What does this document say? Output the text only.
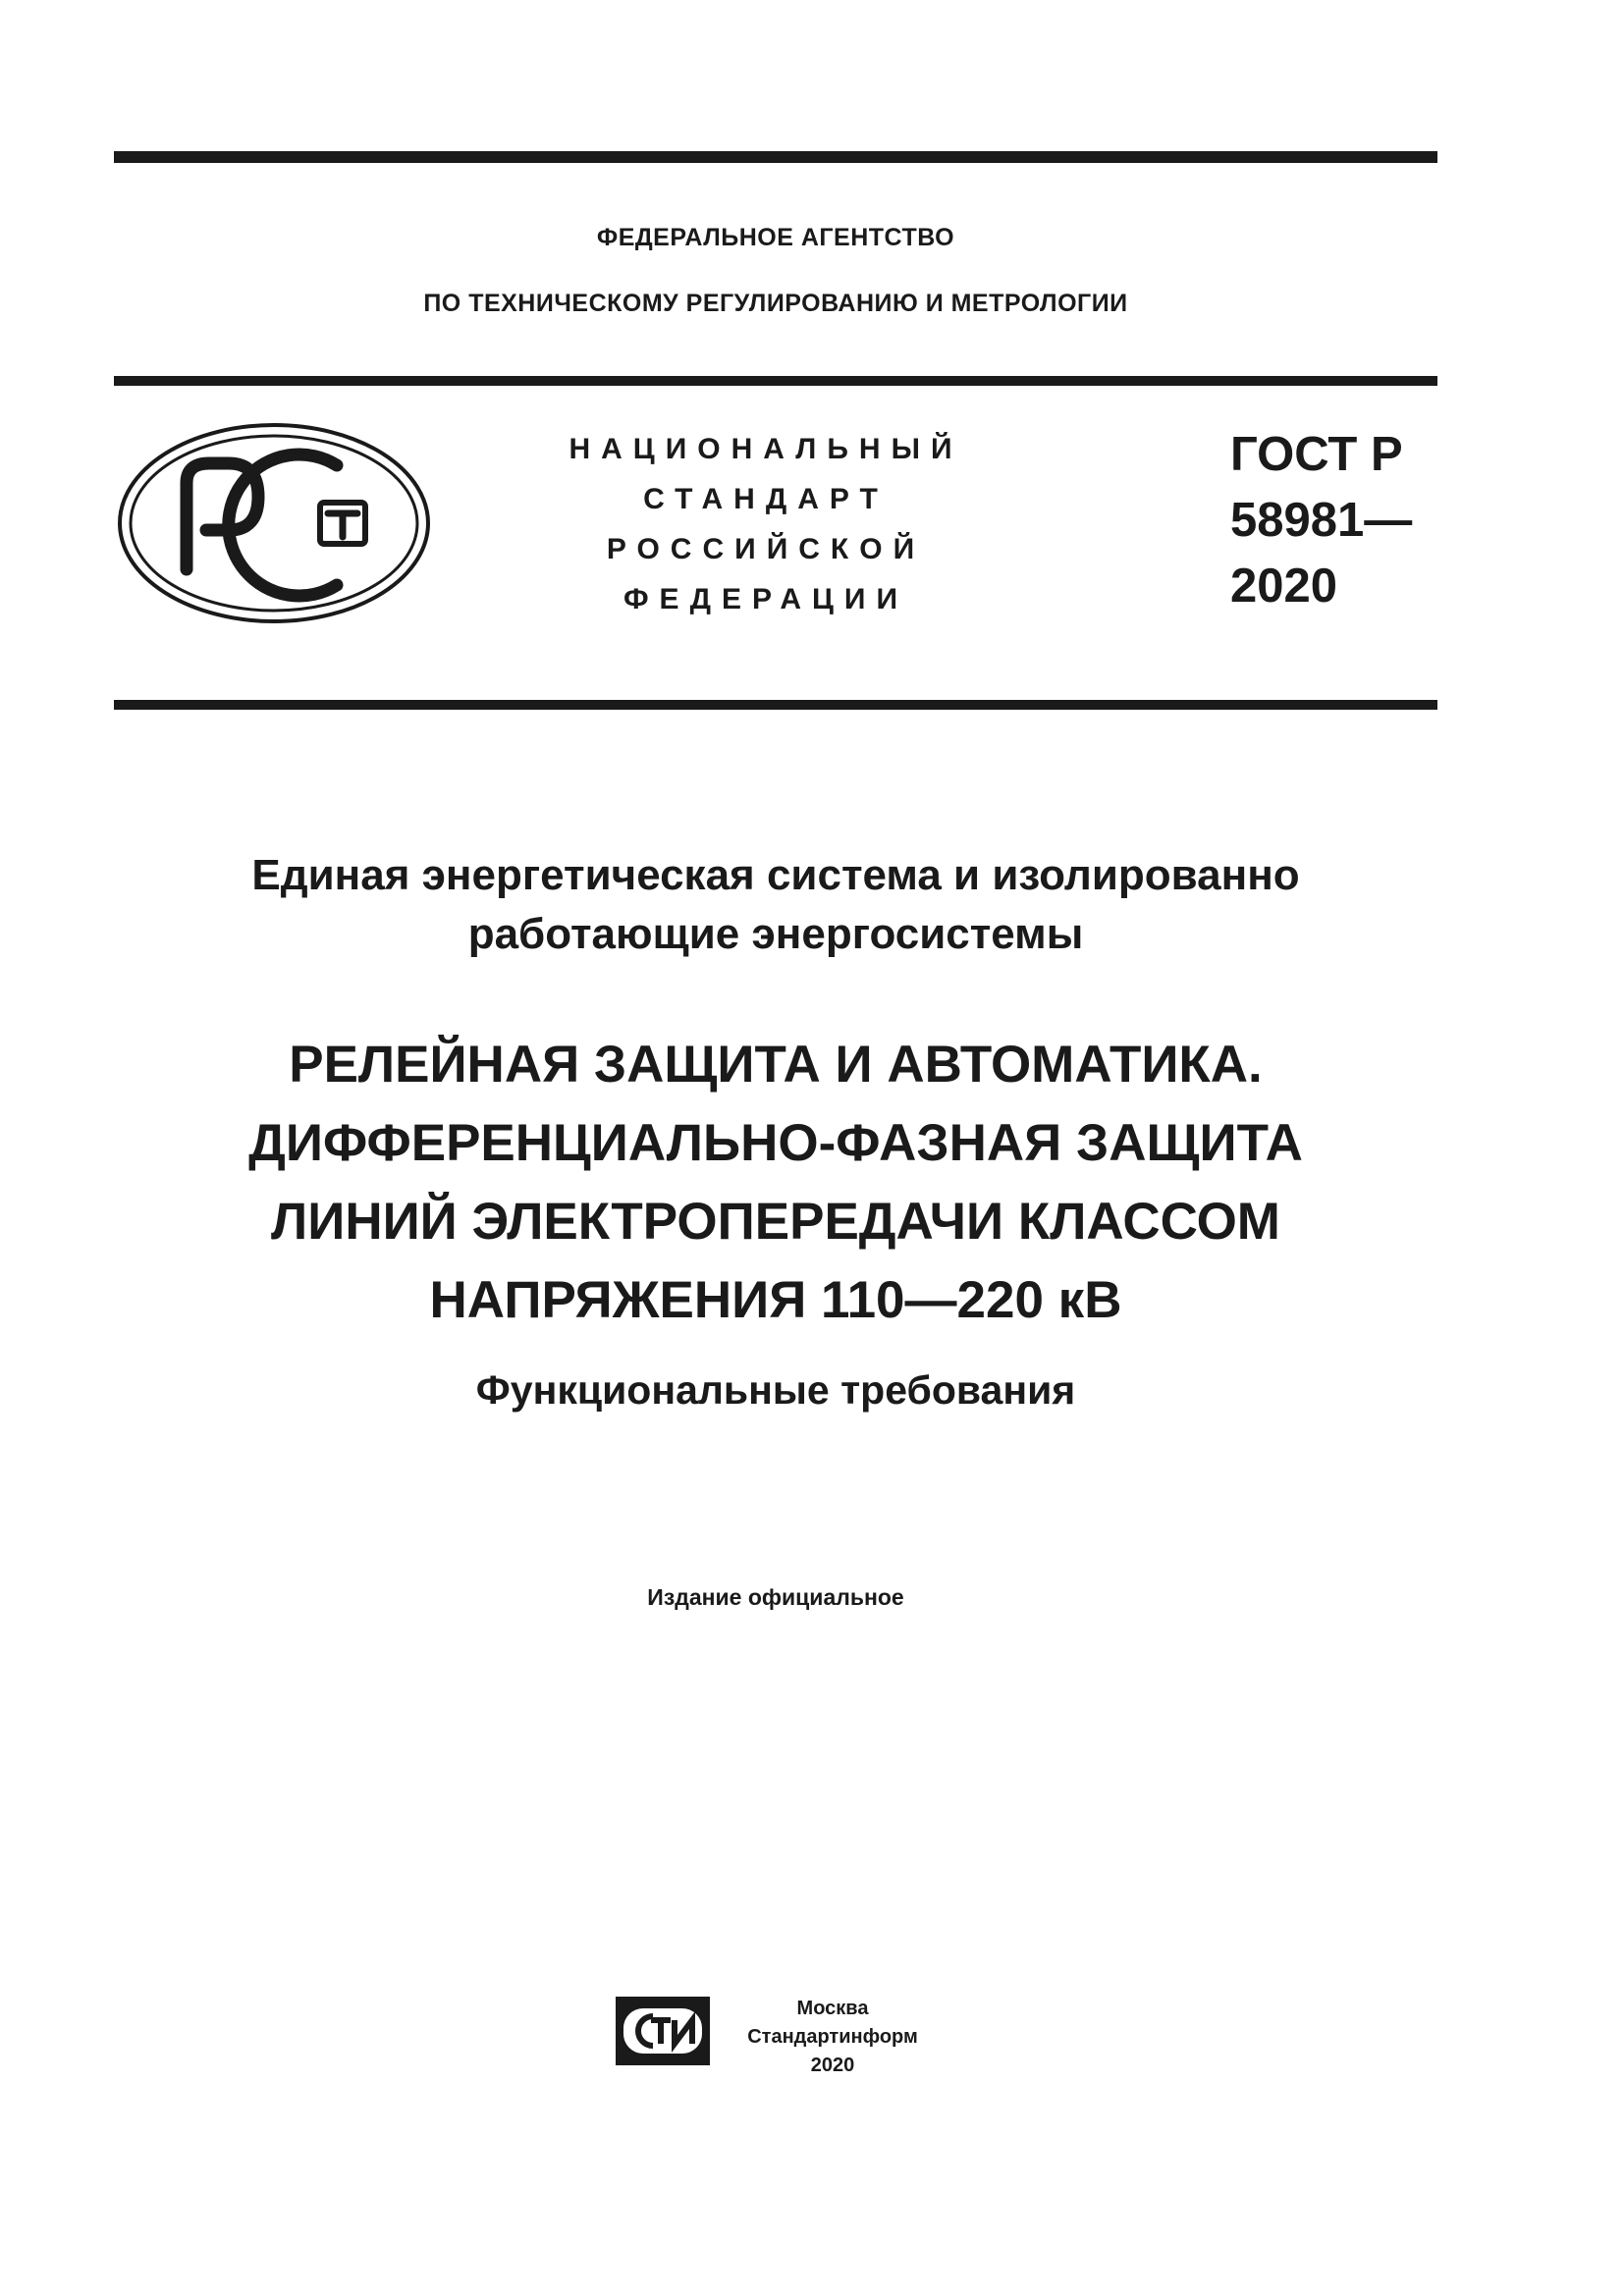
ФЕДЕРАЛЬНОЕ АГЕНТСТВО
ПО ТЕХНИЧЕСКОМУ РЕГУЛИРОВАНИЮ И МЕТРОЛОГИИ
НАЦИОНАЛЬНЫЙ
СТАНДАРТ
РОССИЙСКОЙ
ФЕДЕРАЦИИ
ГОСТ Р
58981—
2020
Единая энергетическая система и изолированно
работающие энергосистемы
РЕЛЕЙНАЯ ЗАЩИТА И АВТОМАТИКА.
ДИФФЕРЕНЦИАЛЬНО-ФАЗНАЯ ЗАЩИТА
ЛИНИЙ ЭЛЕКТРОПЕРЕДАЧИ КЛАССОМ
НАПРЯЖЕНИЯ 110—220 кВ
Функциональные требования
Издание официальное
Москва
Стандартинформ
2020
